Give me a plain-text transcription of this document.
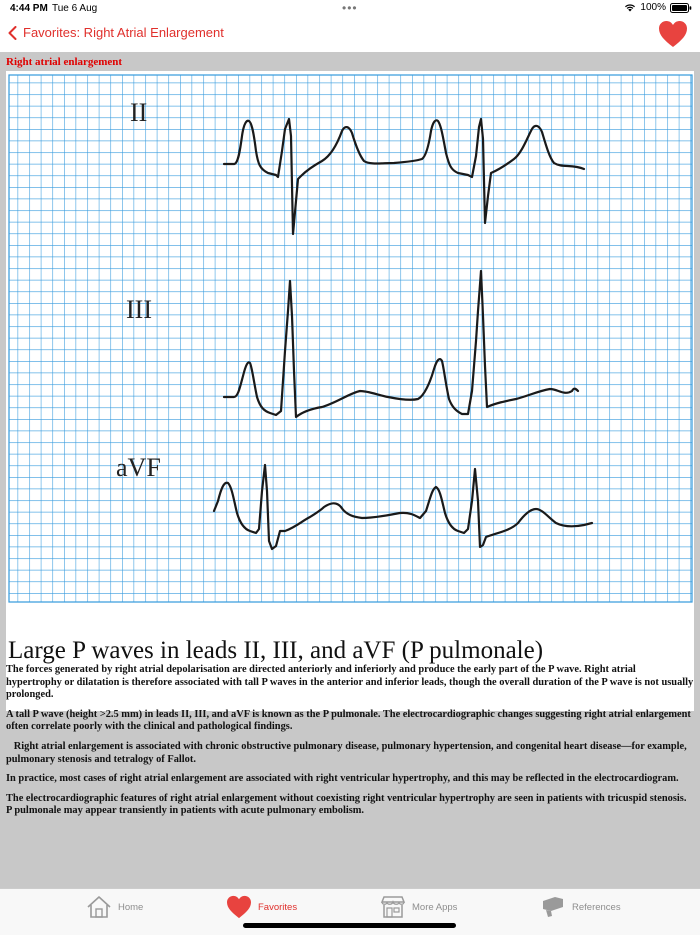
4:44 PM Tue 6 Aug	•••	100%
Favorites: Right Atrial Enlargement
Right atrial enlargement
II
III
aVF
Large P waves in leads II, III, and aVF (P pulmonale)

The forces generated by right atrial depolarisation are directed anteriorly and inferiorly and produce the early part of the P wave. Right atrial hypertrophy or dilatation is therefore associated with tall P waves in the anterior and inferior leads, though the overall duration of the P wave is not usually prolonged.

A tall P wave (height >2.5 mm) in leads II, III, and aVF is known as the P pulmonale. The electrocardiographic changes suggesting right atrial enlargement often correlate poorly with the clinical and pathological findings.

Right atrial enlargement is associated with chronic obstructive pulmonary disease, pulmonary hypertension, and congenital heart disease—for example, pulmonary stenosis and tetralogy of Fallot.

In practice, most cases of right atrial enlargement are associated with right ventricular hypertrophy, and this may be reflected in the electrocardiogram.

The electrocardiographic features of right atrial enlargement without coexisting right ventricular hypertrophy are seen in patients with tricuspid stenosis. P pulmonale may appear transiently in patients with acute pulmonary embolism.

Home	Favorites	More Apps	References
